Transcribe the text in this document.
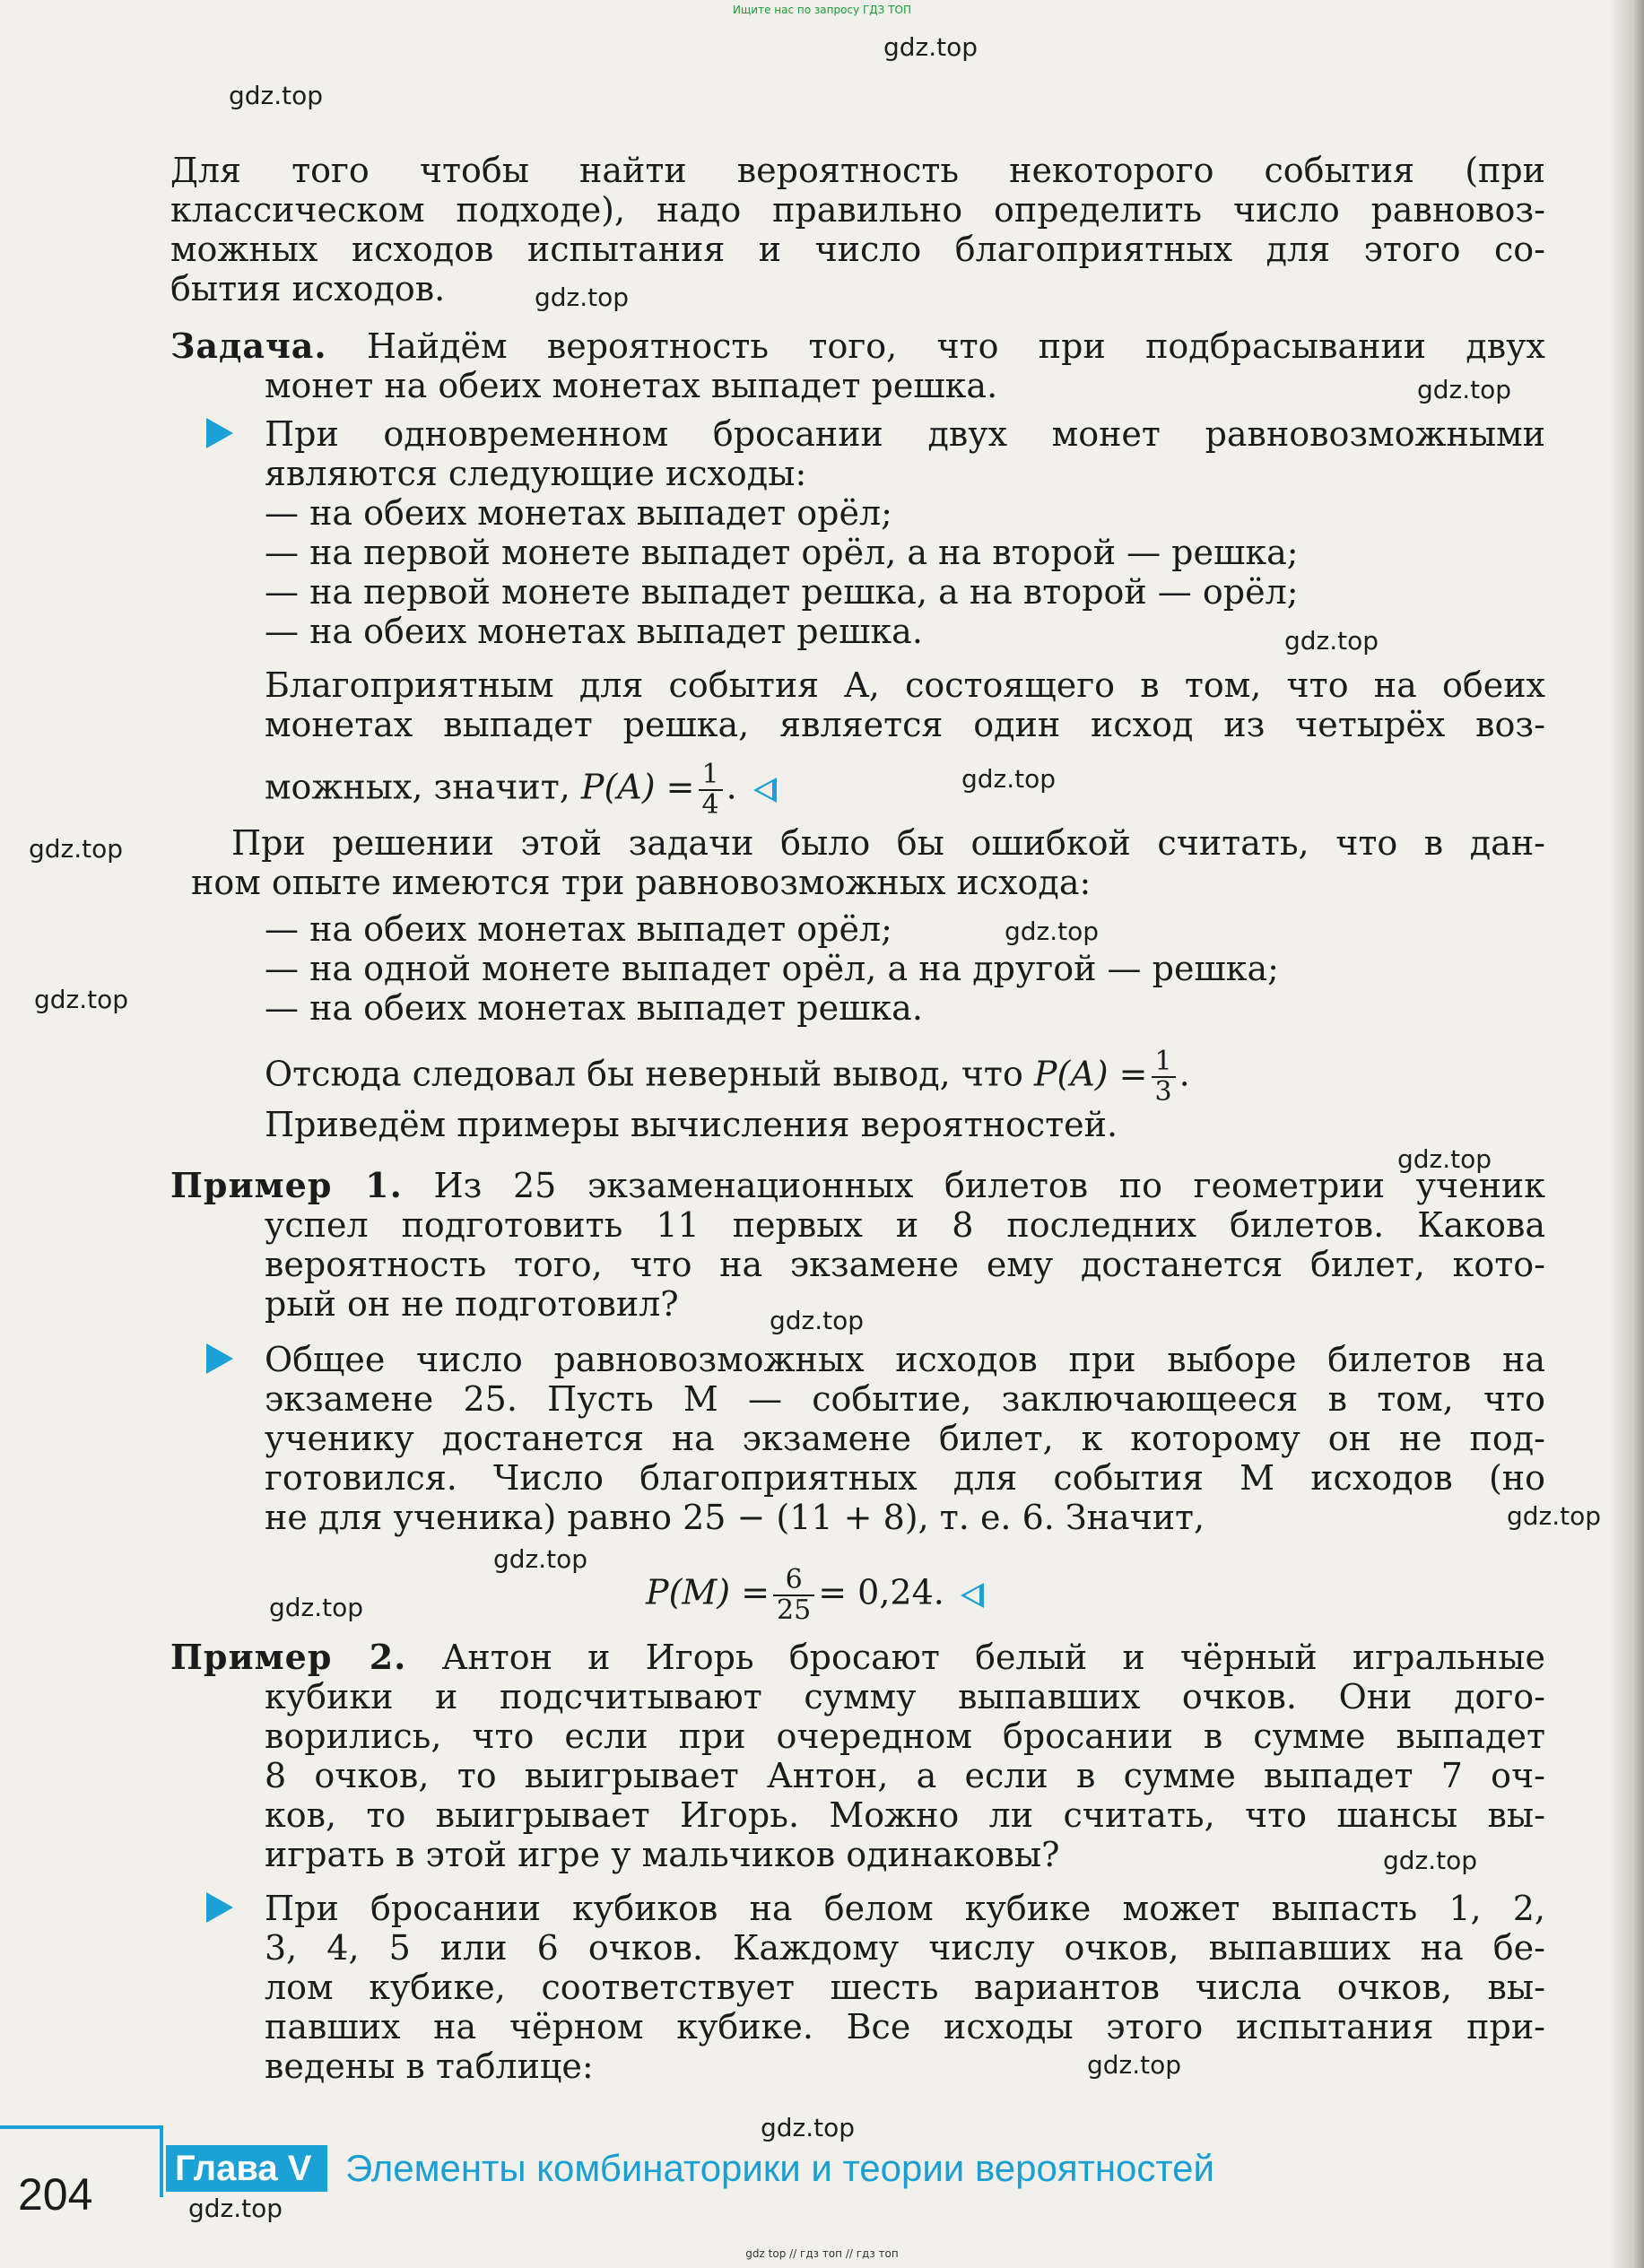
Ищите нас по запросу ГДЗ ТОП
Для того чтобы найти вероятность некоторого события (при
классическом подходе), надо правильно определить число равновоз-
можных исходов испытания и число благоприятных для этого со-
бытия исходов.
Задача. Найдём вероятность того, что при подбрасывании двух
монет на обеих монетах выпадет решка.
При одновременном бросании двух монет равновозможными
являются следующие исходы:
— на обеих монетах выпадет орёл;
— на первой монете выпадет орёл, а на второй — решка;
— на первой монете выпадет решка, а на второй — орёл;
— на обеих монетах выпадет решка.
Благоприятным для события A, состоящего в том, что на обеих
монетах выпадет решка, является один исход из четырёх воз-
можных, значит, $P(A) = \frac{1}{4}$ .
При решении этой задачи было бы ошибкой считать, что в дан-
ном опыте имеются три равновозможных исхода:
— на обеих монетах выпадет орёл;
— на одной монете выпадет орёл, а на другой — решка;
— на обеих монетах выпадет решка.
Отсюда следовал бы неверный вывод, что $P(A) = \frac{1}{3}$ .
Приведём примеры вычисления вероятностей.
Пример 1. Из 25 экзаменационных билетов по геометрии ученик
успел подготовить 11 первых и 8 последних билетов. Какова
вероятность того, что на экзамене ему достанется билет, кото-
рый он не подготовил?
Общее число равновозможных исходов при выборе билетов на
экзамене 25. Пусть M — событие, заключающееся в том, что
ученику достанется на экзамене билет, к которому он не под-
готовился. Число благоприятных для события M исходов (но
не для ученика) равно 25 − (11 + 8), т. е. 6. Значит,
$P(M) = \frac{6}{25} = 0,24$.
Пример 2. Антон и Игорь бросают белый и чёрный игральные
кубики и подсчитывают сумму выпавших очков. Они дого-
ворились, что если при очередном бросании в сумме выпадет
8 очков, то выигрывает Антон, а если в сумме выпадет 7 оч-
ков, то выигрывает Игорь. Можно ли считать, что шансы вы-
играть в этой игре у мальчиков одинаковы?
При бросании кубиков на белом кубике может выпасть 1, 2,
3, 4, 5 или 6 очков. Каждому числу очков, выпавших на бе-
лом кубике, соответствует шесть вариантов числа очков, вы-
павших на чёрном кубике. Все исходы этого испытания при-
ведены в таблице:
204
Глава V Элементы комбинаторики и теории вероятностей
gdz.top
gdz.top
gdz.top
gdz.top
gdz.top
gdz.top
gdz.top
gdz.top
gdz.top
gdz.top
gdz.top
gdz.top
gdz.top
gdz.top
gdz.top
gdz.top
gdz.top
gdz.top
gdz top // гдз топ // гдз топ
